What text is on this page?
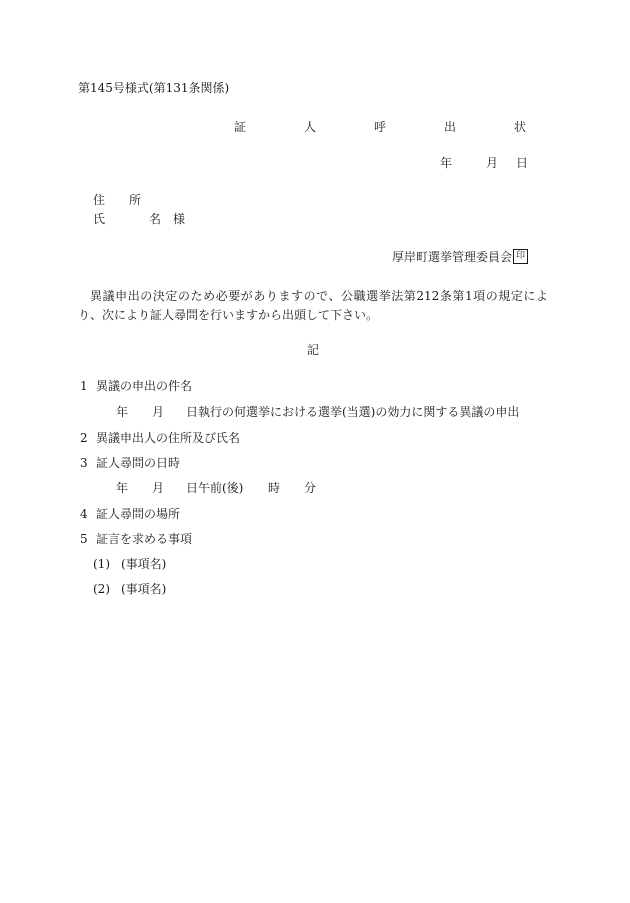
第145号様式(第131条関係)
証　人　呼　出　状
年	月 日
住　所
氏	名 様
厚岸町選挙管理委員会 印
異議申出の決定のため必要がありますので、公職選挙法第212条第1項の規定により、次により証人尋問を行いますから出頭して下さい。
記
1 異議の申出の件名
年 月 日執行の何選挙における選挙(当選)の効力に関する異議の申出
2 異議申出人の住所及び氏名
3 証人尋問の日時
年 月 日午前(後) 時 分
4 証人尋問の場所
5 証言を求める事項
(1) (事項名)
(2) (事項名)
